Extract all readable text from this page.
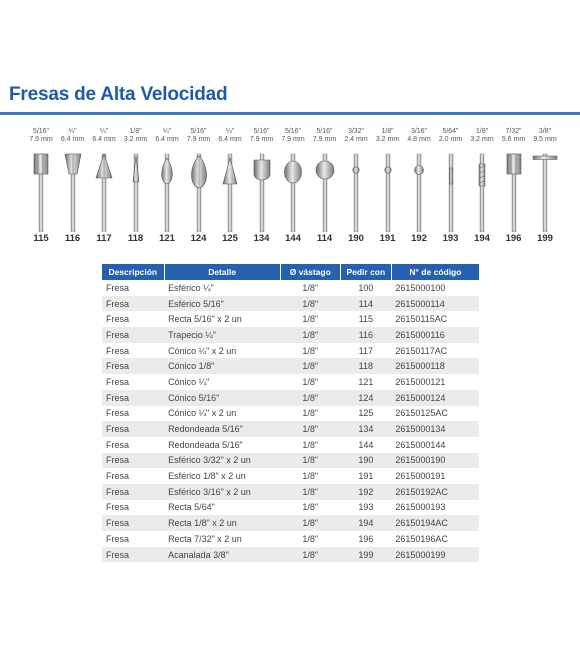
Fresas de Alta Velocidad
5/16"
7.9 mm
115
¼"
6.4 mm
116
¼"
6.4 mm
117
1/8"
3.2 mm
118
¼"
6.4 mm
121
5/16"
7.9 mm
124
¼"
6.4 mm
125
5/16"
7.9 mm
134
5/16"
7.9 mm
144
5/16"
7.9 mm
114
3/32"
2.4 mm
190
1/8"
3.2 mm
191
3/16"
4.8 mm
192
5/64"
2.0 mm
193
1/8"
3.2 mm
194
7/32"
5.6 mm
196
3/8"
9.5 mm
199
Descripción	Detalle	Ø vástago	Pedir con	N° de código
Fresa	Esférico ¼"	1/8"	100	2615000100
Fresa	Esférico 5/16"	1/8"	114	2615000114
Fresa	Recta 5/16" x 2 un	1/8"	115	26150115AC
Fresa	Trapecio ¼"	1/8"	116	2615000116
Fresa	Cónico ¼" x 2 un	1/8"	117	26150117AC
Fresa	Cónico 1/8"	1/8"	118	2615000118
Fresa	Cónico ¼"	1/8"	121	2615000121
Fresa	Cónico 5/16"	1/8"	124	2615000124
Fresa	Cónico ¼" x 2 un	1/8"	125	26150125AC
Fresa	Redondeada 5/16"	1/8"	134	2615000134
Fresa	Redondeada 5/16"	1/8"	144	2615000144
Fresa	Esférico 3/32" x 2 un	1/8"	190	2615000190
Fresa	Esférico 1/8" x 2 un	1/8"	191	2615000191
Fresa	Esférico 3/16" x 2 un	1/8"	192	26150192AC
Fresa	Recta 5/64"	1/8"	193	2615000193
Fresa	Recta 1/8" x 2 un	1/8"	194	26150194AC
Fresa	Recta 7/32" x 2 un	1/8"	196	26150196AC
Fresa	Acanalada 3/8"	1/8"	199	2615000199
